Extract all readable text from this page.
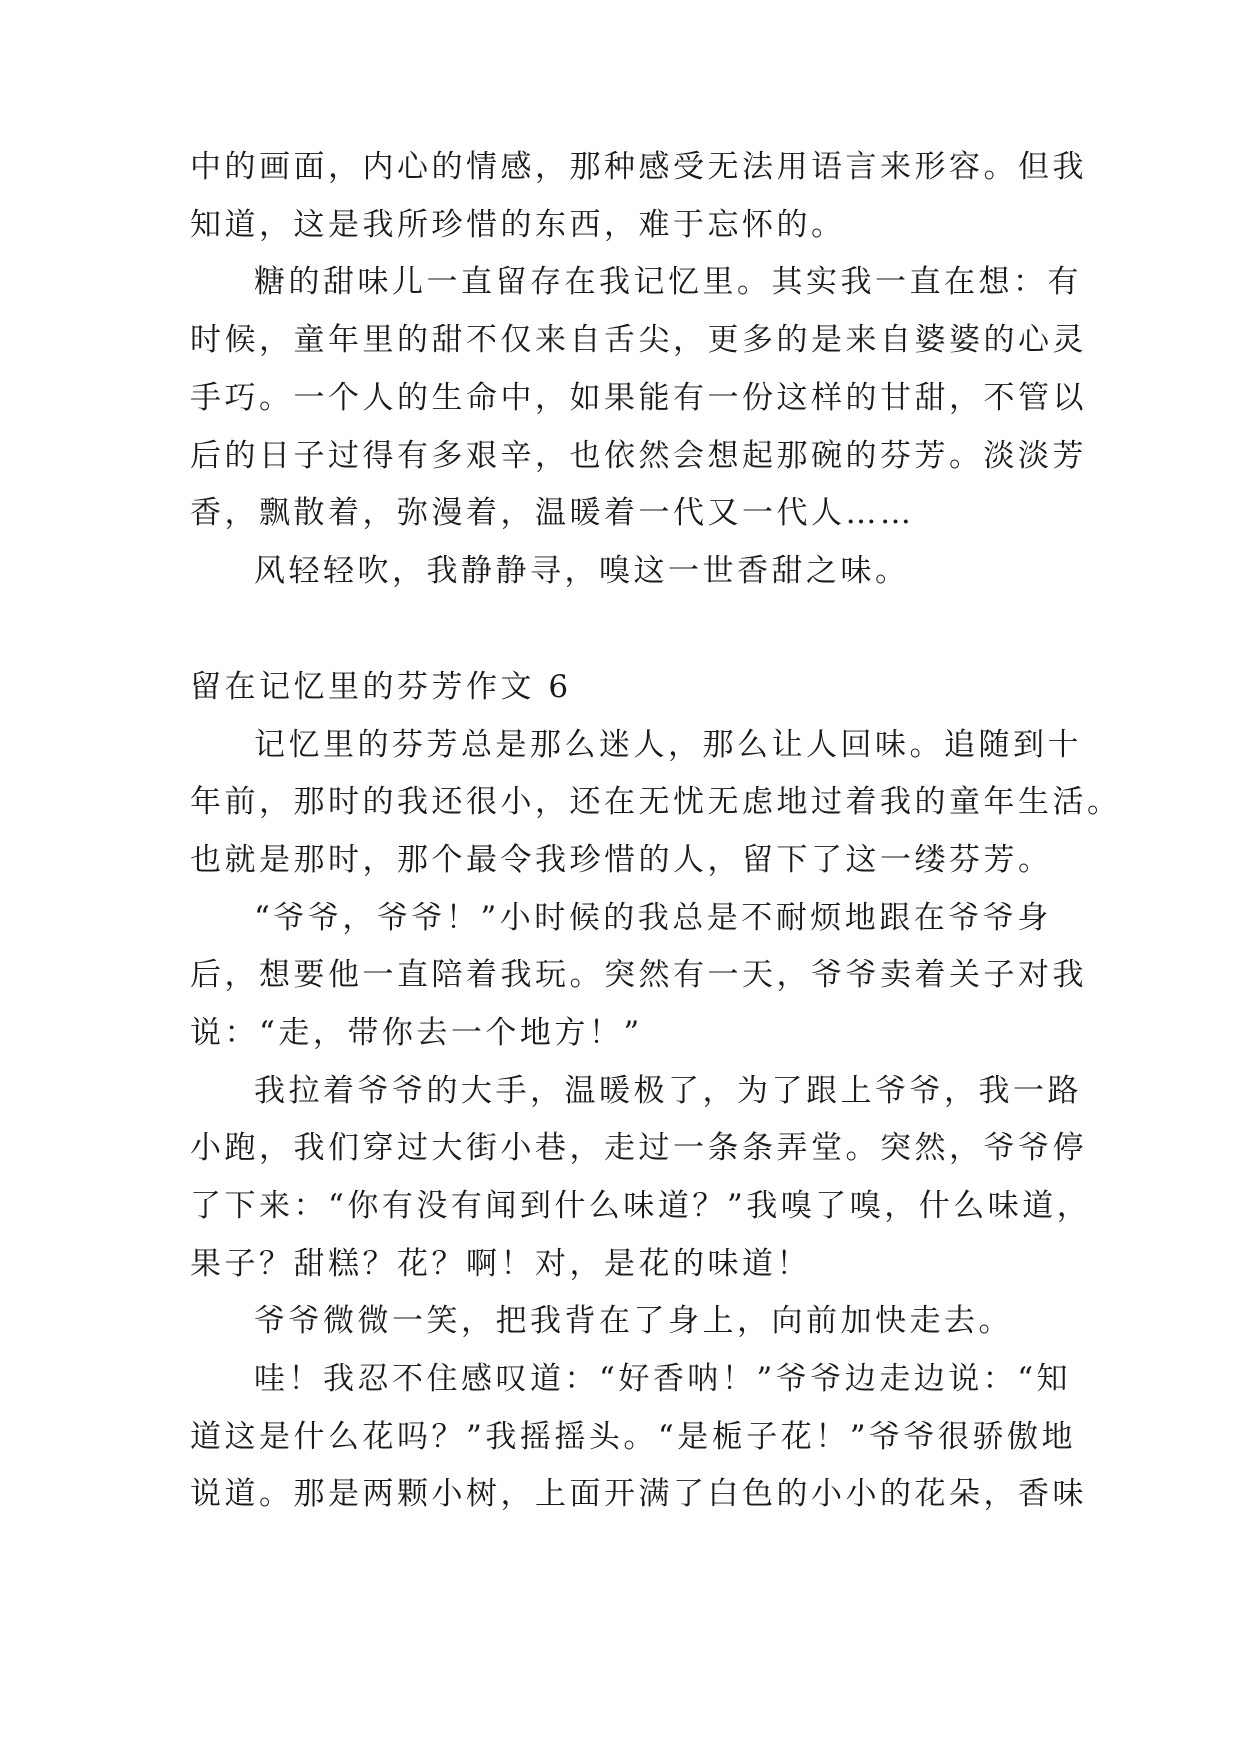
中的画面，内心的情感，那种感受无法用语言来形容。但我
知道，这是我所珍惜的东西，难于忘怀的。
糖的甜味儿一直留存在我记忆里。其实我一直在想：有
时候，童年里的甜不仅来自舌尖，更多的是来自婆婆的心灵
手巧。一个人的生命中，如果能有一份这样的甘甜，不管以
后的日子过得有多艰辛，也依然会想起那碗的芬芳。淡淡芳
香，飘散着，弥漫着，温暖着一代又一代人……
风轻轻吹，我静静寻，嗅这一世香甜之味。
留在记忆里的芬芳作文 6
记忆里的芬芳总是那么迷人，那么让人回味。追随到十
年前，那时的我还很小，还在无忧无虑地过着我的童年生活。
也就是那时，那个最令我珍惜的人，留下了这一缕芬芳。
“爷爷，爷爷！”小时候的我总是不耐烦地跟在爷爷身
后，想要他一直陪着我玩。突然有一天，爷爷卖着关子对我
说：“走，带你去一个地方！”
我拉着爷爷的大手，温暖极了，为了跟上爷爷，我一路
小跑，我们穿过大街小巷，走过一条条弄堂。突然，爷爷停
了下来：“你有没有闻到什么味道？”我嗅了嗅，什么味道，
果子？甜糕？花？啊！对，是花的味道！
爷爷微微一笑，把我背在了身上，向前加快走去。
哇！我忍不住感叹道：“好香呐！”爷爷边走边说：“知
道这是什么花吗？”我摇摇头。“是栀子花！”爷爷很骄傲地
说道。那是两颗小树，上面开满了白色的小小的花朵，香味
